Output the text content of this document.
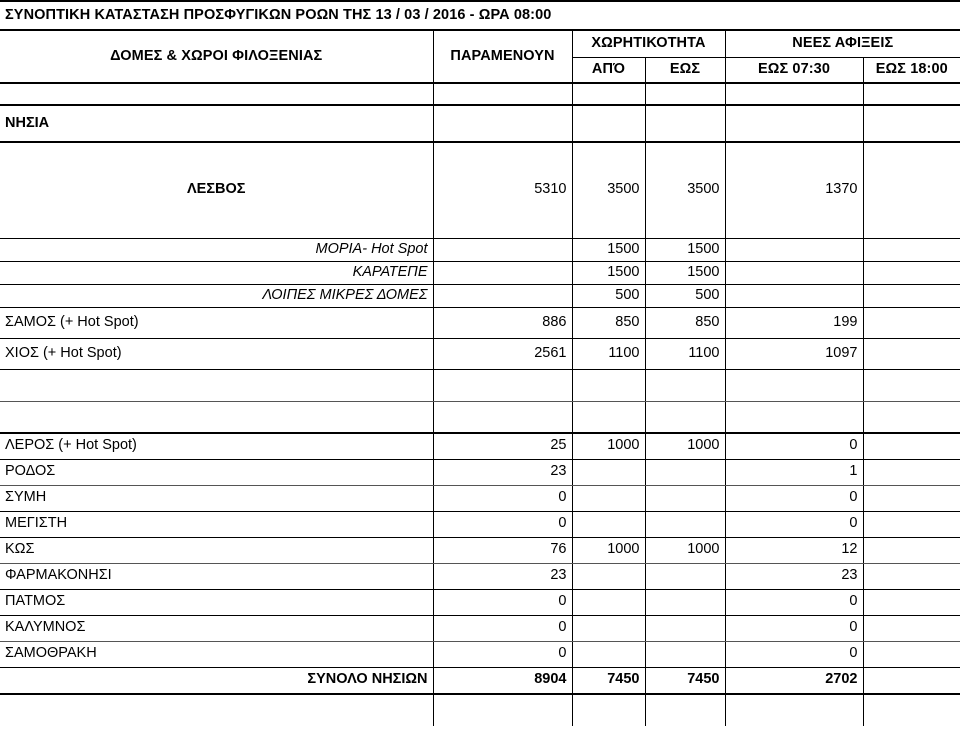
ΣΥΝΟΠΤΙΚΗ ΚΑΤΑΣΤΑΣΗ ΠΡΟΣΦΥΓΙΚΩΝ ΡΟΩΝ ΤΗΣ 13 / 03 / 2016 - ΩΡΑ 08:00					
ΔΟΜΕΣ & ΧΩΡΟΙ ΦΙΛΟΞΕΝΙΑΣ	ΠΑΡΑΜΕΝΟΥΝ	ΧΩΡΗΤΙΚΟΤΗΤΑ		ΝΕΕΣ ΑΦΙΞΕΙΣ	
		ΑΠΌ	ΕΩΣ	ΕΩΣ 07:30	ΕΩΣ 18:00

ΝΗΣΙΑ					
ΛΕΣΒΟΣ	5310	3500	3500	1370	
ΜΟΡΙΑ- Hot Spot		1500	1500		
ΚΑΡΑΤΕΠΕ		1500	1500		
ΛΟΙΠΕΣ ΜΙΚΡΕΣ ΔΟΜΕΣ		500	500		
ΣΑΜΟΣ (+ Hot Spot)	886	850	850	199	
ΧΙΟΣ (+ Hot Spot)	2561	1100	1100	1097	

ΛΕΡΟΣ (+ Hot Spot)	25	1000	1000	0	
ΡΟΔΟΣ	23			1	
ΣΥΜΗ	0			0	
ΜΕΓΙΣΤΗ	0			0	
ΚΩΣ	76	1000	1000	12	
ΦΑΡΜΑΚΟΝΗΣΙ	23			23	
ΠΑΤΜΟΣ	0			0	
ΚΑΛΥΜΝΟΣ	0			0	
ΣΑΜΟΘΡΑΚΗ	0			0	
ΣΥΝΟΛΟ ΝΗΣΙΩΝ	8904	7450	7450	2702	
